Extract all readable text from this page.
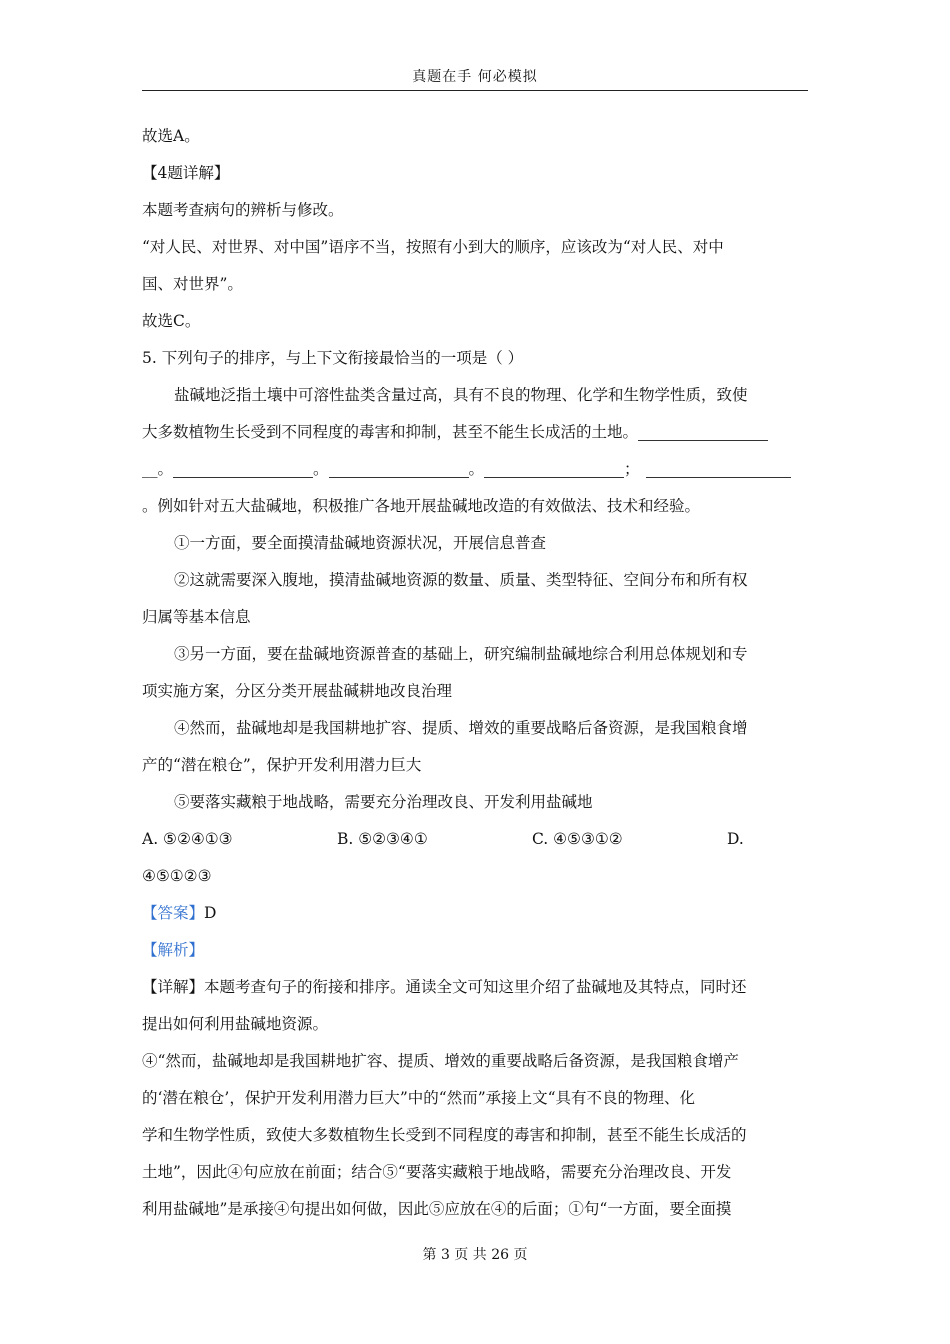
真题在手 何必模拟
故选A。
【4题详解】
本题考查病句的辨析与修改。
“对人民、对世界、对中国”语序不当，按照有小到大的顺序，应该改为“对人民、对中
国、对世界”。
故选C。
5. 下列句子的排序，与上下文衔接最恰当的一项是（ ）
盐碱地泛指土壤中可溶性盐类含量过高，具有不良的物理、化学和生物学性质，致使
大多数植物生长受到不同程度的毒害和抑制，甚至不能生长成活的土地。
__。	。	。	；
。例如针对五大盐碱地，积极推广各地开展盐碱地改造的有效做法、技术和经验。
①一方面，要全面摸清盐碱地资源状况，开展信息普查
②这就需要深入腹地，摸清盐碱地资源的数量、质量、类型特征、空间分布和所有权
归属等基本信息
③另一方面，要在盐碱地资源普查的基础上，研究编制盐碱地综合利用总体规划和专
项实施方案，分区分类开展盐碱耕地改良治理
④然而，盐碱地却是我国耕地扩容、提质、增效的重要战略后备资源，是我国粮食增
产的“潜在粮仓”，保护开发利用潜力巨大
⑤要落实藏粮于地战略，需要充分治理改良、开发利用盐碱地
A. ⑤②④①③	B. ⑤②③④①	C. ④⑤③①②	D.
④⑤①②③
【答案】D
【解析】
【详解】本题考查句子的衔接和排序。通读全文可知这里介绍了盐碱地及其特点，同时还
提出如何利用盐碱地资源。
④“然而，盐碱地却是我国耕地扩容、提质、增效的重要战略后备资源，是我国粮食增产
的‘潜在粮仓’，保护开发利用潜力巨大”中的“然而”承接上文“具有不良的物理、化
学和生物学性质，致使大多数植物生长受到不同程度的毒害和抑制，甚至不能生长成活的
土地”，因此④句应放在前面；结合⑤“要落实藏粮于地战略，需要充分治理改良、开发
利用盐碱地”是承接④句提出如何做，因此⑤应放在④的后面；①句“一方面，要全面摸
第 3 页 共 26 页
